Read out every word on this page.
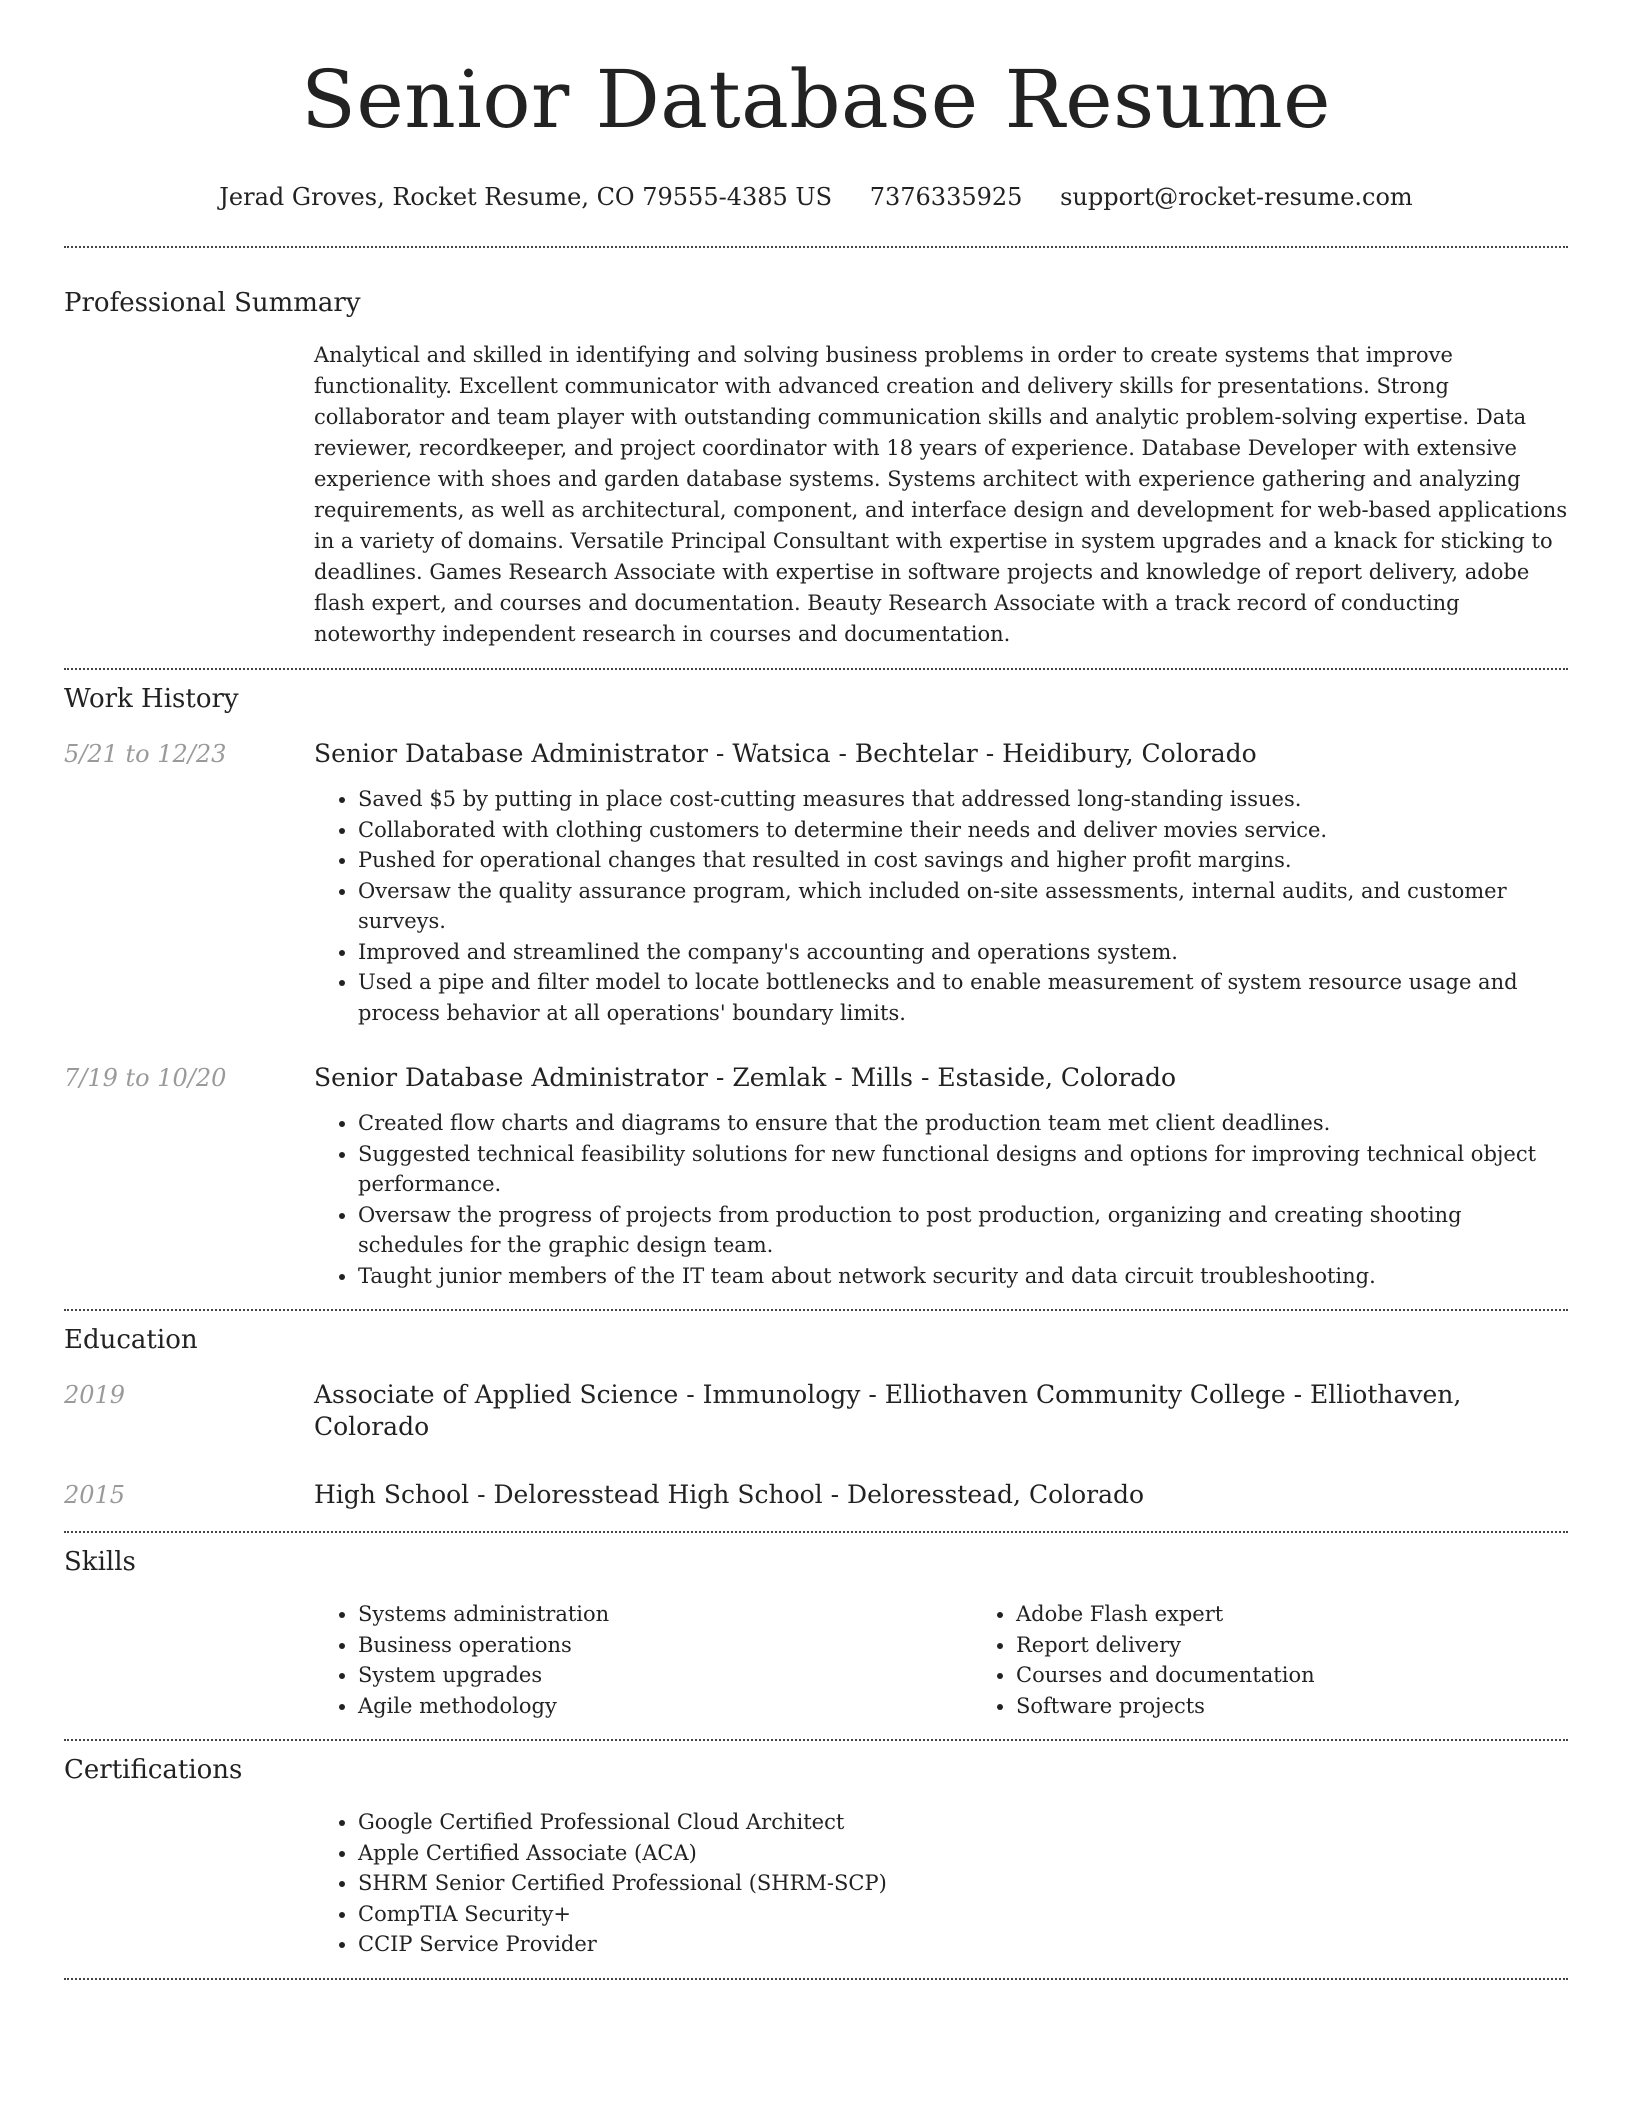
Senior Database Resume
Jerad Groves, Rocket Resume, CO 79555-4385 US 7376335925 support@rocket-resume.com
Professional Summary

Analytical and skilled in identifying and solving business problems in order to create systems that improve functionality. Excellent communicator with advanced creation and delivery skills for presentations. Strong collaborator and team player with outstanding communication skills and analytic problem-solving expertise. Data reviewer, recordkeeper, and project coordinator with 18 years of experience. Database Developer with extensive experience with shoes and garden database systems. Systems architect with experience gathering and analyzing requirements, as well as architectural, component, and interface design and development for web-based applications in a variety of domains. Versatile Principal Consultant with expertise in system upgrades and a knack for sticking to deadlines. Games Research Associate with expertise in software projects and knowledge of report delivery, adobe flash expert, and courses and documentation. Beauty Research Associate with a track record of conducting noteworthy independent research in courses and documentation.

Work History
5/21 to 12/23	Senior Database Administrator - Watsica - Bechtelar - Heidibury, Colorado
• Saved $5 by putting in place cost-cutting measures that addressed long-standing issues.
• Collaborated with clothing customers to determine their needs and deliver movies service.
• Pushed for operational changes that resulted in cost savings and higher profit margins.
• Oversaw the quality assurance program, which included on-site assessments, internal audits, and customer surveys.
• Improved and streamlined the company's accounting and operations system.
• Used a pipe and filter model to locate bottlenecks and to enable measurement of system resource usage and process behavior at all operations' boundary limits.
7/19 to 10/20	Senior Database Administrator - Zemlak - Mills - Estaside, Colorado
• Created flow charts and diagrams to ensure that the production team met client deadlines.
• Suggested technical feasibility solutions for new functional designs and options for improving technical object performance.
• Oversaw the progress of projects from production to post production, organizing and creating shooting schedules for the graphic design team.
• Taught junior members of the IT team about network security and data circuit troubleshooting.
Education
2019	Associate of Applied Science - Immunology - Elliothaven Community College - Elliothaven, Colorado
2015	High School - Deloresstead High School - Deloresstead, Colorado
Skills
• Systems administration
• Business operations
• System upgrades
• Agile methodology
• Adobe Flash expert
• Report delivery
• Courses and documentation
• Software projects
Certifications
• Google Certified Professional Cloud Architect
• Apple Certified Associate (ACA)
• SHRM Senior Certified Professional (SHRM-SCP)
• CompTIA Security+
• CCIP Service Provider
